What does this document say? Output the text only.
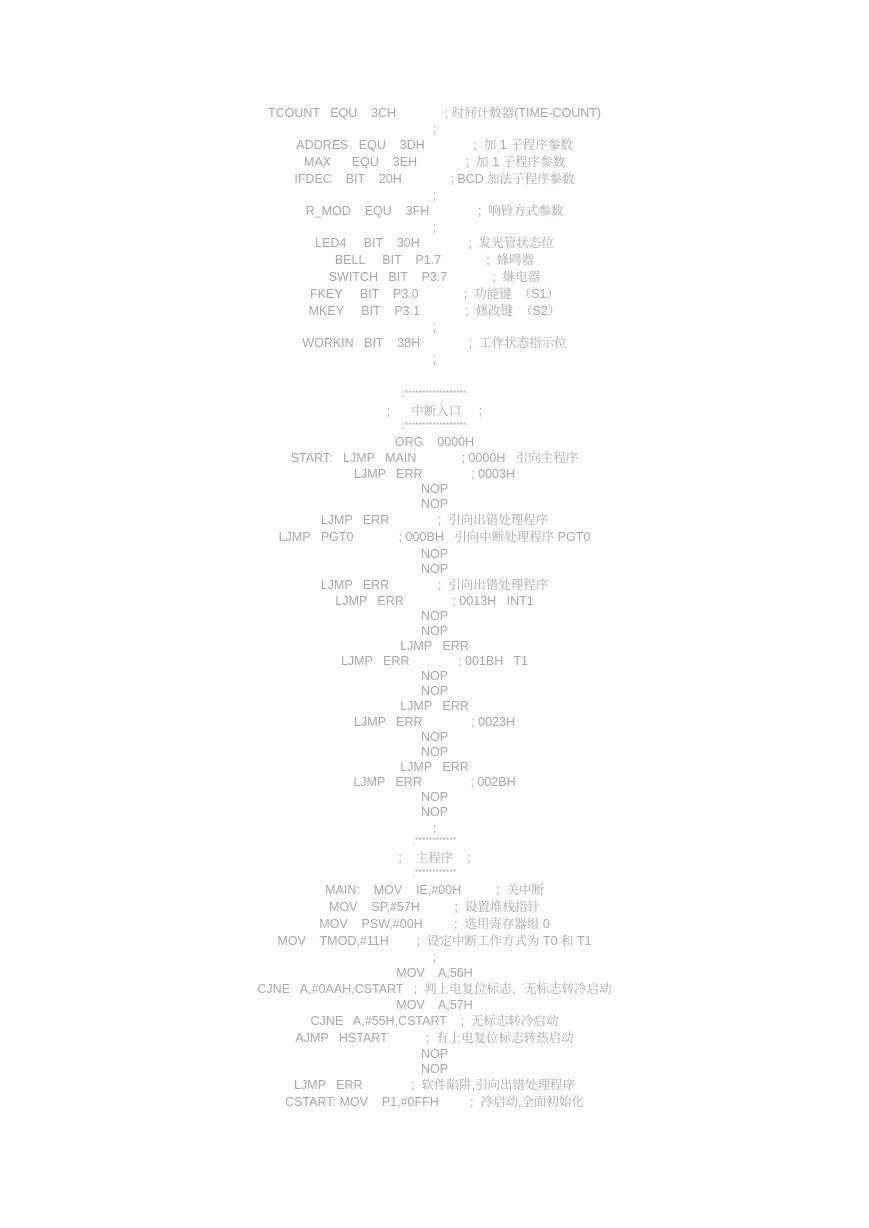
TCOUNT   EQU    3CH              ; 时间计数器(TIME-COUNT)
;
ADDRES   EQU    3DH              ;  加 1 子程序参数
MAX      EQU    3EH              ;  加 1 子程序参数
IFDEC    BIT    20H              ; BCD 加法子程序参数
;
R_MOD    EQU    3FH              ;  响铃方式参数
;
LED4     BIT    30H              ;  发光管状态位
BELL     BIT    P1.7             ;  蜂鸣器
SWITCH   BIT    P3.7             ;  继电器
FKEY     BIT    P3.0             ;  功能键  （S1）
MKEY     BIT    P3.1             ;  修改键  （S2）
;
WORKIN   BIT    38H              ;  工作状态指示位
;
;******************
;      中断入口     ;
;******************
ORG    0000H
START:   LJMP   MAIN             ; 0000H   引向主程序
LJMP   ERR              ; 0003H
NOP
NOP
LJMP   ERR              ;  引向出错处理程序
LJMP   PGT0             ; 000BH   引向中断处理程序 PGT0
NOP
NOP
LJMP   ERR              ;  引向出错处理程序
LJMP   ERR              ; 0013H   INT1
NOP
NOP
LJMP   ERR
LJMP   ERR              ; 001BH   T1
NOP
NOP
LJMP   ERR
LJMP   ERR              ; 0023H
NOP
NOP
LJMP   ERR
LJMP   ERR              ; 002BH
NOP
NOP
;
;************
;    主程序    ;
;************
MAIN:    MOV    IE,#00H          ;  关中断
MOV    SP,#57H          ;  设置堆栈指针
MOV    PSW,#00H         ;  选用寄存器组 0
MOV    TMOD,#11H        ;  设定中断工作方式为 T0 和 T1
;
MOV    A,56H
CJNE   A,#0AAH,CSTART   ;  判上电复位标志，无标志转冷启动
MOV    A,57H
CJNE   A,#55H,CSTART    ;  无标志转冷启动
AJMP   HSTART           ;  有上电复位标志转热启动
NOP
NOP
LJMP   ERR              ;  软件陷阱,引向出错处理程序
CSTART: MOV    P1,#0FFH         ;  冷启动,全面初始化
